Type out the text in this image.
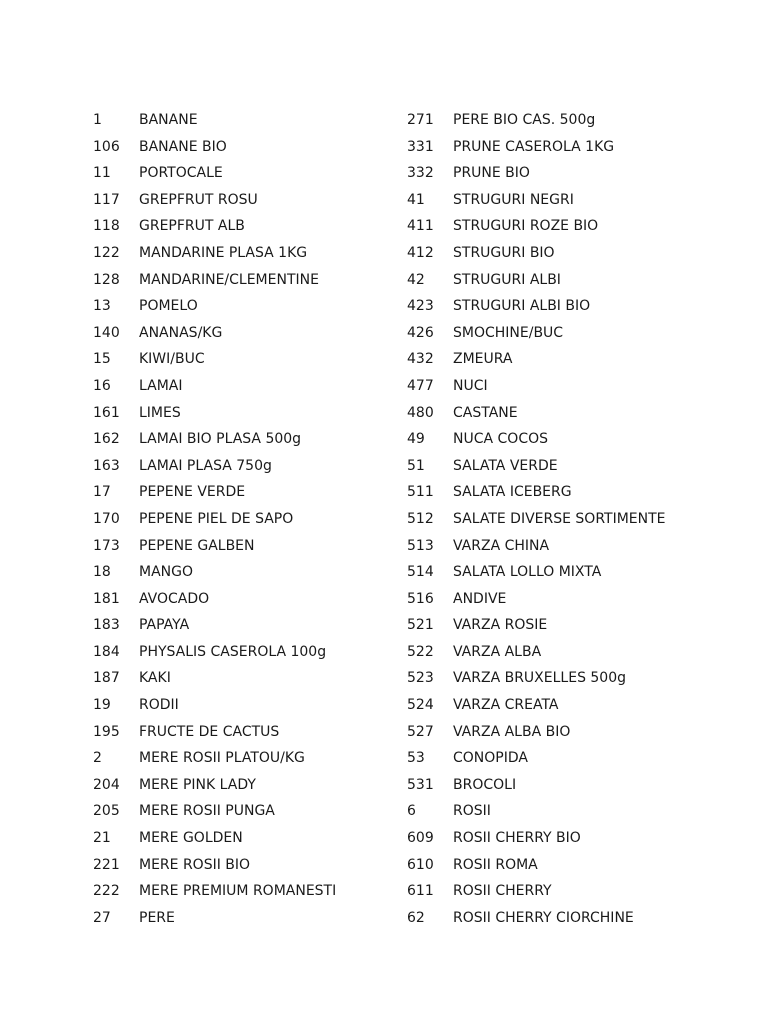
1	BANANE
106	BANANE BIO
11	PORTOCALE
117	GREPFRUT ROSU
118	GREPFRUT ALB
122	MANDARINE PLASA 1KG
128	MANDARINE/CLEMENTINE
13	POMELO
140	ANANAS/KG
15	KIWI/BUC
16	LAMAI
161	LIMES
162	LAMAI BIO PLASA 500g
163	LAMAI PLASA 750g
17	PEPENE VERDE
170	PEPENE PIEL DE SAPO
173	PEPENE GALBEN
18	MANGO
181	AVOCADO
183	PAPAYA
184	PHYSALIS CASEROLA 100g
187	KAKI
19	RODII
195	FRUCTE DE CACTUS
2	MERE ROSII PLATOU/KG
204	MERE PINK LADY
205	MERE ROSII PUNGA
21	MERE GOLDEN
221	MERE ROSII BIO
222	MERE PREMIUM ROMANESTI
27	PERE
271	PERE BIO CAS. 500g
331	PRUNE CASEROLA 1KG
332	PRUNE BIO
41	STRUGURI NEGRI
411	STRUGURI ROZE BIO
412	STRUGURI BIO
42	STRUGURI ALBI
423	STRUGURI ALBI BIO
426	SMOCHINE/BUC
432	ZMEURA
477	NUCI
480	CASTANE
49	NUCA COCOS
51	SALATA VERDE
511	SALATA ICEBERG
512	SALATE DIVERSE SORTIMENTE
513	VARZA CHINA
514	SALATA LOLLO MIXTA
516	ANDIVE
521	VARZA ROSIE
522	VARZA ALBA
523	VARZA BRUXELLES 500g
524	VARZA CREATA
527	VARZA ALBA BIO
53	CONOPIDA
531	BROCOLI
6	ROSII
609	ROSII CHERRY BIO
610	ROSII ROMA
611	ROSII CHERRY
62	ROSII CHERRY CIORCHINE
